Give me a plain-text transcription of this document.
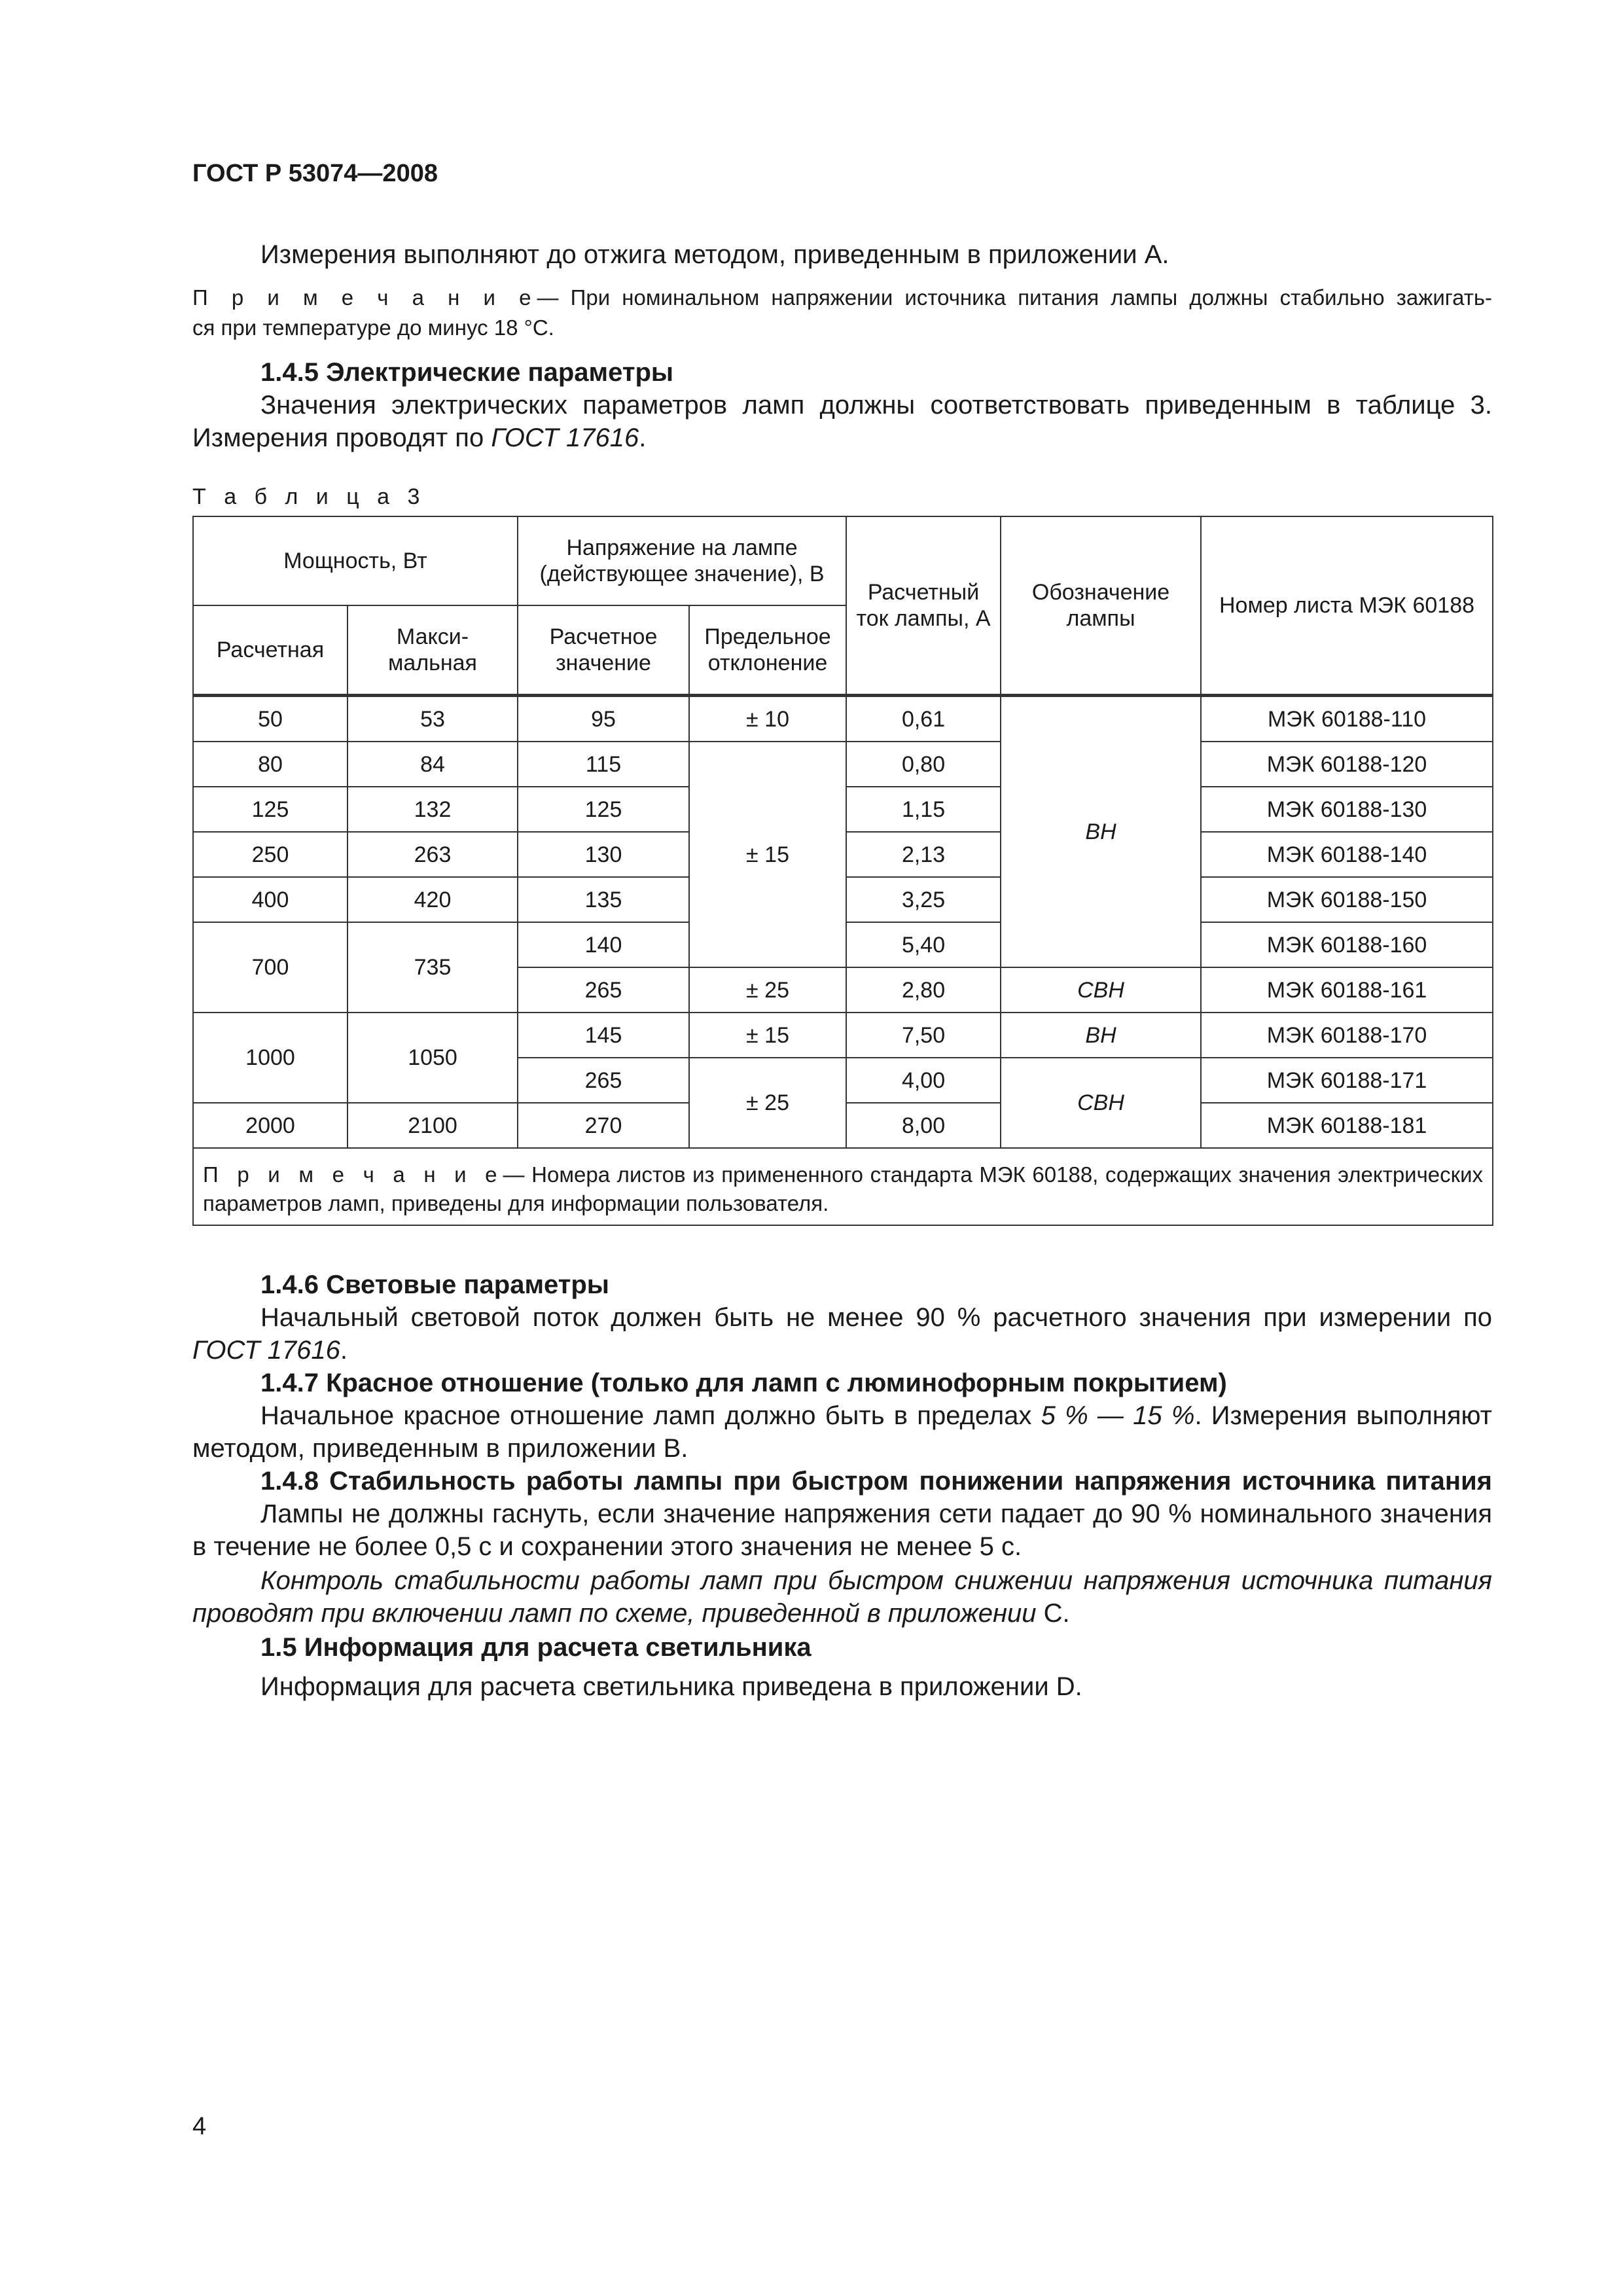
ГОСТ Р 53074—2008
Измерения выполняют до отжига методом, приведенным в приложении А.
П р и м е ч а н и е— При номинальном напряжении источника питания лампы должны стабильно зажигать-
ся при температуре до минус 18 °С.
1.4.5 Электрические параметры
Значения электрических параметров ламп должны соответствовать приведенным в таблице 3.
Измерения проводят по ГОСТ 17616.
Т а б л и ц а 3
Мощность, Вт		Напряжение на лампе (действующее значение), В		Расчетный ток лампы, А	Обозначение лампы	Номер листа МЭК 60188
Расчетная	Макси-мальная	Расчетное значение	Предельное отклонение			
50	53	95	± 10	0,61	ВН	МЭК 60188-110
80	84	115	± 15	0,80		МЭК 60188-120
125	132	125		1,15		МЭК 60188-130
250	263	130		2,13		МЭК 60188-140
400	420	135		3,25		МЭК 60188-150
700	735	140		5,40		МЭК 60188-160
		265	± 25	2,80	СВН	МЭК 60188-161
1000	1050	145	± 15	7,50	ВН	МЭК 60188-170
		265	± 25	4,00	СВН	МЭК 60188-171
2000	2100	270		8,00		МЭК 60188-181
П р и м е ч а н и е— Номера листов из примененного стандарта МЭК 60188, содержащих значения электрических параметров ламп, приведены для информации пользователя.						
1.4.6 Световые параметры
Начальный световой поток должен быть не менее 90 % расчетного значения при измерении по
ГОСТ 17616.
1.4.7 Красное отношение (только для ламп с люминофорным покрытием)
Начальное красное отношение ламп должно быть в пределах 5 % — 15 %. Измерения выполняют
методом, приведенным в приложении В.
1.4.8 Стабильность работы лампы при быстром понижении напряжения источника питания
Лампы не должны гаснуть, если значение напряжения сети падает до 90 % номинального значения
в течение не более 0,5 с и сохранении этого значения не менее 5 с.
Контроль стабильности работы ламп при быстром снижении напряжения источника питания
проводят при включении ламп по схеме, приведенной в приложении С.
1.5 Информация для расчета светильника
Информация для расчета светильника приведена в приложении D.
4
